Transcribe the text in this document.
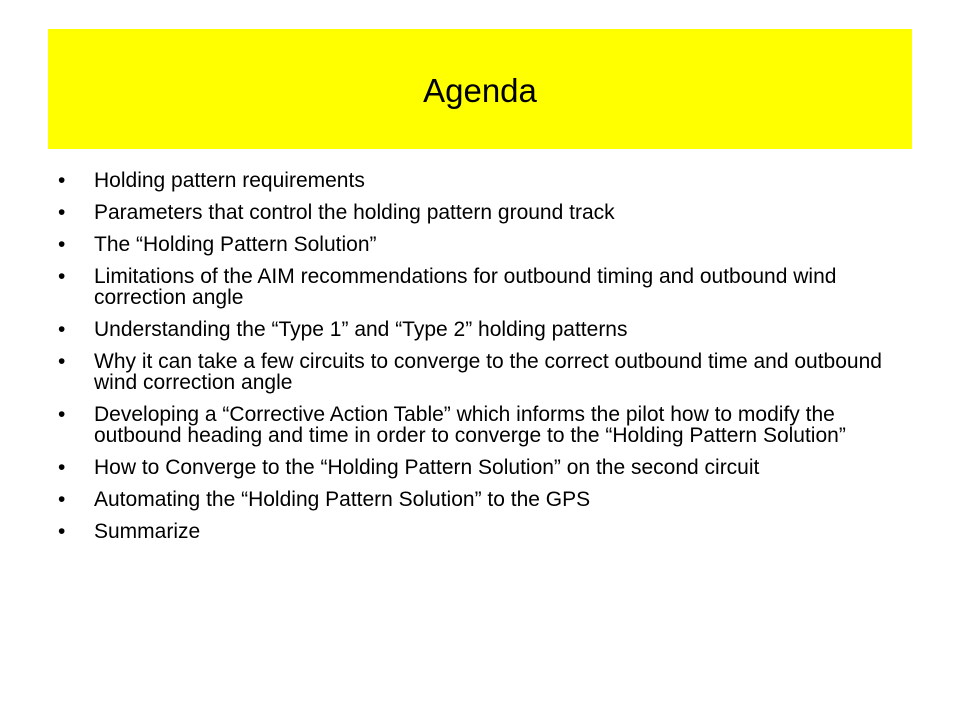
Agenda
• Holding pattern requirements
• Parameters that control the holding pattern ground track
• The “Holding Pattern Solution”
• Limitations of the AIM recommendations for outbound timing and outbound wind correction angle
• Understanding the “Type 1” and “Type 2” holding patterns
• Why it can take a few circuits to converge to the correct outbound time and outbound wind correction angle
• Developing a “Corrective Action Table” which informs the pilot how to modify the outbound heading and time in order to converge to the “Holding Pattern Solution”
• How to Converge to the “Holding Pattern Solution” on the second circuit
• Automating the “Holding Pattern Solution” to the GPS
• Summarize
